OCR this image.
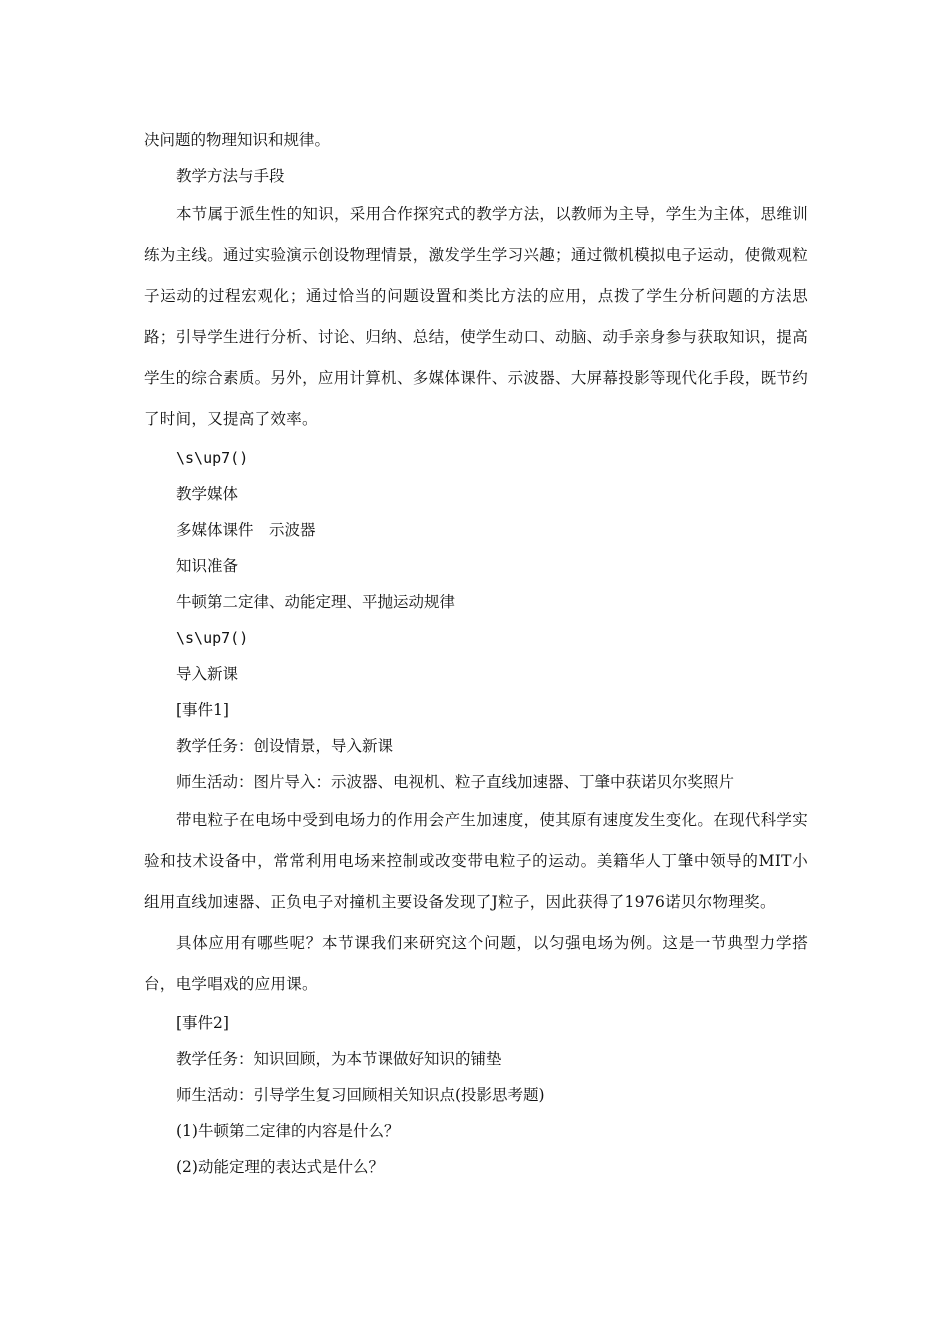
决问题的物理知识和规律。

教学方法与手段

本节属于派生性的知识，采用合作探究式的教学方法，以教师为主导，学生为主体，思维训练为主线。通过实验演示创设物理情景，激发学生学习兴趣；通过微机模拟电子运动，使微观粒子运动的过程宏观化；通过恰当的问题设置和类比方法的应用，点拨了学生分析问题的方法思路；引导学生进行分析、讨论、归纳、总结，使学生动口、动脑、动手亲身参与获取知识，提高学生的综合素质。另外，应用计算机、多媒体课件、示波器、大屏幕投影等现代化手段，既节约了时间，又提高了效率。

\s\up7()

教学媒体

多媒体课件　示波器

知识准备

牛顿第二定律、动能定理、平抛运动规律

\s\up7()

导入新课

[事件1]

教学任务：创设情景，导入新课

师生活动：图片导入：示波器、电视机、粒子直线加速器、丁肇中获诺贝尔奖照片

带电粒子在电场中受到电场力的作用会产生加速度，使其原有速度发生变化。在现代科学实验和技术设备中，常常利用电场来控制或改变带电粒子的运动。美籍华人丁肇中领导的MIT小组用直线加速器、正负电子对撞机主要设备发现了J粒子，因此获得了1976诺贝尔物理奖。

具体应用有哪些呢？本节课我们来研究这个问题，以匀强电场为例。这是一节典型力学搭台，电学唱戏的应用课。

[事件2]

教学任务：知识回顾，为本节课做好知识的铺垫

师生活动：引导学生复习回顾相关知识点(投影思考题)

(1)牛顿第二定律的内容是什么？

(2)动能定理的表达式是什么？
